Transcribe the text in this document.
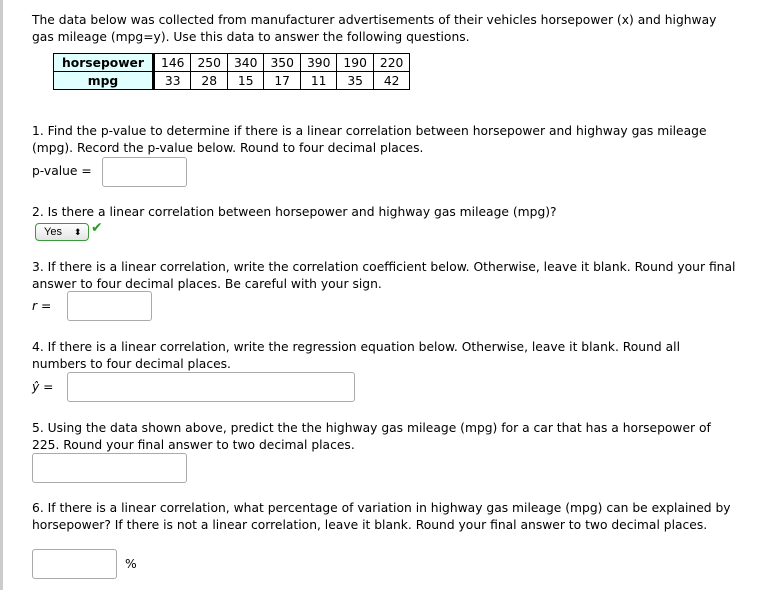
The data below was collected from manufacturer advertisements of their vehicles horsepower (x) and highway gas mileage (mpg=y). Use this data to answer the following questions.

horsepower	146	250	340	350	390	190	220
mpg	33	28	15	17	11	35	42

1. Find the p-value to determine if there is a linear correlation between horsepower and highway gas mileage (mpg). Record the p-value below. Round to four decimal places.

p-value =

2. Is there a linear correlation between horsepower and highway gas mileage (mpg)?

Yes ⬍ ✔

3. If there is a linear correlation, write the correlation coefficient below. Otherwise, leave it blank. Round your final answer to four decimal places. Be careful with your sign.

r =

4. If there is a linear correlation, write the regression equation below. Otherwise, leave it blank. Round all numbers to four decimal places.

ŷ =

5. Using the data shown above, predict the the highway gas mileage (mpg) for a car that has a horsepower of 225. Round your final answer to two decimal places.

6. If there is a linear correlation, what percentage of variation in highway gas mileage (mpg) can be explained by horsepower? If there is not a linear correlation, leave it blank. Round your final answer to two decimal places.

%
